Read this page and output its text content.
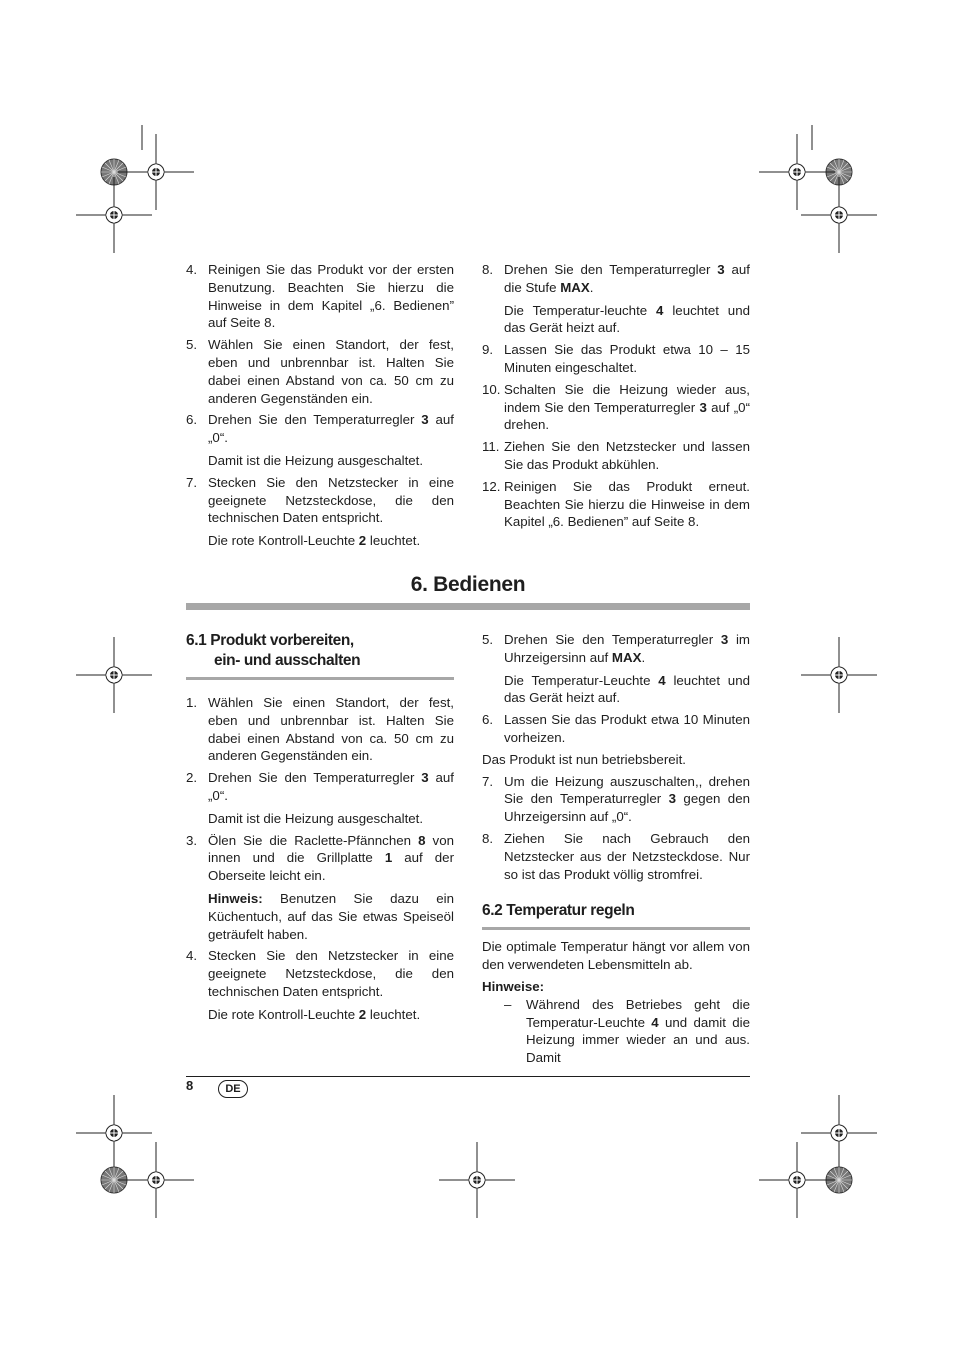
4. Reinigen Sie das Produkt vor der ersten Benutzung. Beachten Sie hierzu die Hinweise in dem Kapitel „6. Bedienen” auf Seite 8.
5. Wählen Sie einen Standort, der fest, eben und unbrennbar ist. Halten Sie dabei einen Abstand von ca. 50 cm zu anderen Gegenständen ein.
6. Drehen Sie den Temperaturregler 3 auf „0“.
Damit ist die Heizung ausgeschaltet.
7. Stecken Sie den Netzstecker in eine geeignete Netzsteckdose, die den technischen Daten entspricht.
Die rote Kontroll-Leuchte 2 leuchtet.
8. Drehen Sie den Temperaturregler 3 auf die Stufe MAX.
Die Temperatur-leuchte 4 leuchtet und das Gerät heizt auf.
9. Lassen Sie das Produkt etwa 10 – 15 Minuten eingeschaltet.
10. Schalten Sie die Heizung wieder aus, indem Sie den Temperaturregler 3 auf „0“ drehen.
11. Ziehen Sie den Netzstecker und lassen Sie das Produkt abkühlen.
12. Reinigen Sie das Produkt erneut. Beachten Sie hierzu die Hinweise in dem Kapitel „6. Bedienen” auf Seite 8.
6. Bedienen
6.1 Produkt vorbereiten,
ein- und ausschalten
1. Wählen Sie einen Standort, der fest, eben und unbrennbar ist. Halten Sie dabei einen Abstand von ca. 50 cm zu anderen Gegenständen ein.
2. Drehen Sie den Temperaturregler 3 auf „0“.
Damit ist die Heizung ausgeschaltet.
3. Ölen Sie die Raclette-Pfännchen 8 von innen und die Grillplatte 1 auf der Oberseite leicht ein.
Hinweis: Benutzen Sie dazu ein Küchentuch, auf das Sie etwas Speiseöl geträufelt haben.
4. Stecken Sie den Netzstecker in eine geeignete Netzsteckdose, die den technischen Daten entspricht.
Die rote Kontroll-Leuchte 2 leuchtet.
5. Drehen Sie den Temperaturregler 3 im Uhrzeigersinn auf MAX.
Die Temperatur-Leuchte 4 leuchtet und das Gerät heizt auf.
6. Lassen Sie das Produkt etwa 10 Minuten vorheizen.

Das Produkt ist nun betriebsbereit.

7. Um die Heizung auszuschalten,, drehen Sie den Temperaturregler 3 gegen den Uhrzeigersinn auf „0“.
8. Ziehen Sie nach Gebrauch den Netzstecker aus der Netzsteckdose. Nur so ist das Produkt völlig stromfrei.
6.2 Temperatur regeln

Die optimale Temperatur hängt vor allem von den verwendeten Lebensmitteln ab.

Hinweise:

– Während des Betriebes geht die Temperatur-Leuchte 4 und damit die Heizung immer wieder an und aus. Damit
8	DE
